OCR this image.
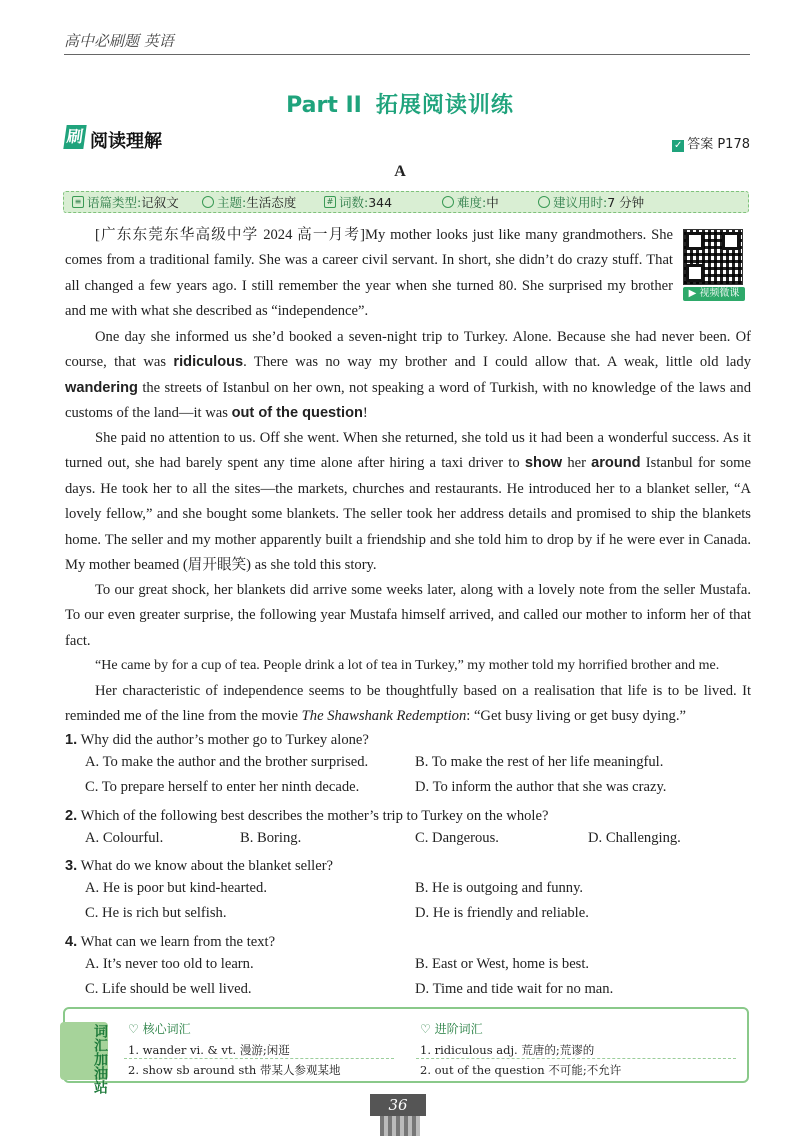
高中必刷题 英语
Part II 拓展阅读训练
刷 阅读理解	✓ 答案 P178
A
≡ 语篇类型: 记叙文	主题: 生活态度	# 词数: 344	难度: 中	建议用时: 7 分钟
▶ 视频微课
[广东东莞东华高级中学 2024 高一月考]My mother looks just like many grandmothers. She comes from a traditional family. She was a career civil servant. In short, she didn’t do crazy stuff. That all changed a few years ago. I still remember the year when she turned 80. She surprised my brother and me with what she described as “independence”.
One day she informed us she’d booked a seven-night trip to Turkey. Alone. Because she had never been. Of course, that was ridiculous. There was no way my brother and I could allow that. A weak, little old lady wandering the streets of Istanbul on her own, not speaking a word of Turkish, with no knowledge of the laws and customs of the land—it was out of the question!
She paid no attention to us. Off she went. When she returned, she told us it had been a wonderful success. As it turned out, she had barely spent any time alone after hiring a taxi driver to show her around Istanbul for some days. He took her to all the sites—the markets, churches and restaurants. He introduced her to a blanket seller, “A lovely fellow,” and she bought some blankets. The seller took her address details and promised to ship the blankets home. The seller and my mother apparently built a friendship and she told him to drop by if he were ever in Canada. My mother beamed (眉开眼笑) as she told this story.
To our great shock, her blankets did arrive some weeks later, along with a lovely note from the seller Mustafa. To our even greater surprise, the following year Mustafa himself arrived, and called our mother to inform her of that fact.
“He came by for a cup of tea. People drink a lot of tea in Turkey,” my mother told my horrified brother and me.
Her characteristic of independence seems to be thoughtfully based on a realisation that life is to be lived. It reminded me of the line from the movie The Shawshank Redemption: “Get busy living or get busy dying.”
1. Why did the author’s mother go to Turkey alone?
A. To make the author and the brother surprised.	B. To make the rest of her life meaningful.
C. To prepare herself to enter her ninth decade.	D. To inform the author that she was crazy.
2. Which of the following best describes the mother’s trip to Turkey on the whole?
A. Colourful.	B. Boring.	C. Dangerous.	D. Challenging.
3. What do we know about the blanket seller?
A. He is poor but kind-hearted.	B. He is outgoing and funny.
C. He is rich but selfish.	D. He is friendly and reliable.
4. What can we learn from the text?
A. It’s never too old to learn.	B. East or West, home is best.
C. Life should be well lived.	D. Time and tide wait for no man.
词汇加油站 ♡ 核心词汇
1. wander vi. & vt. 漫游;闲逛
2. show sb around sth 带某人参观某地
♡ 进阶词汇
1. ridiculous adj. 荒唐的;荒谬的
2. out of the question 不可能;不允许
36
